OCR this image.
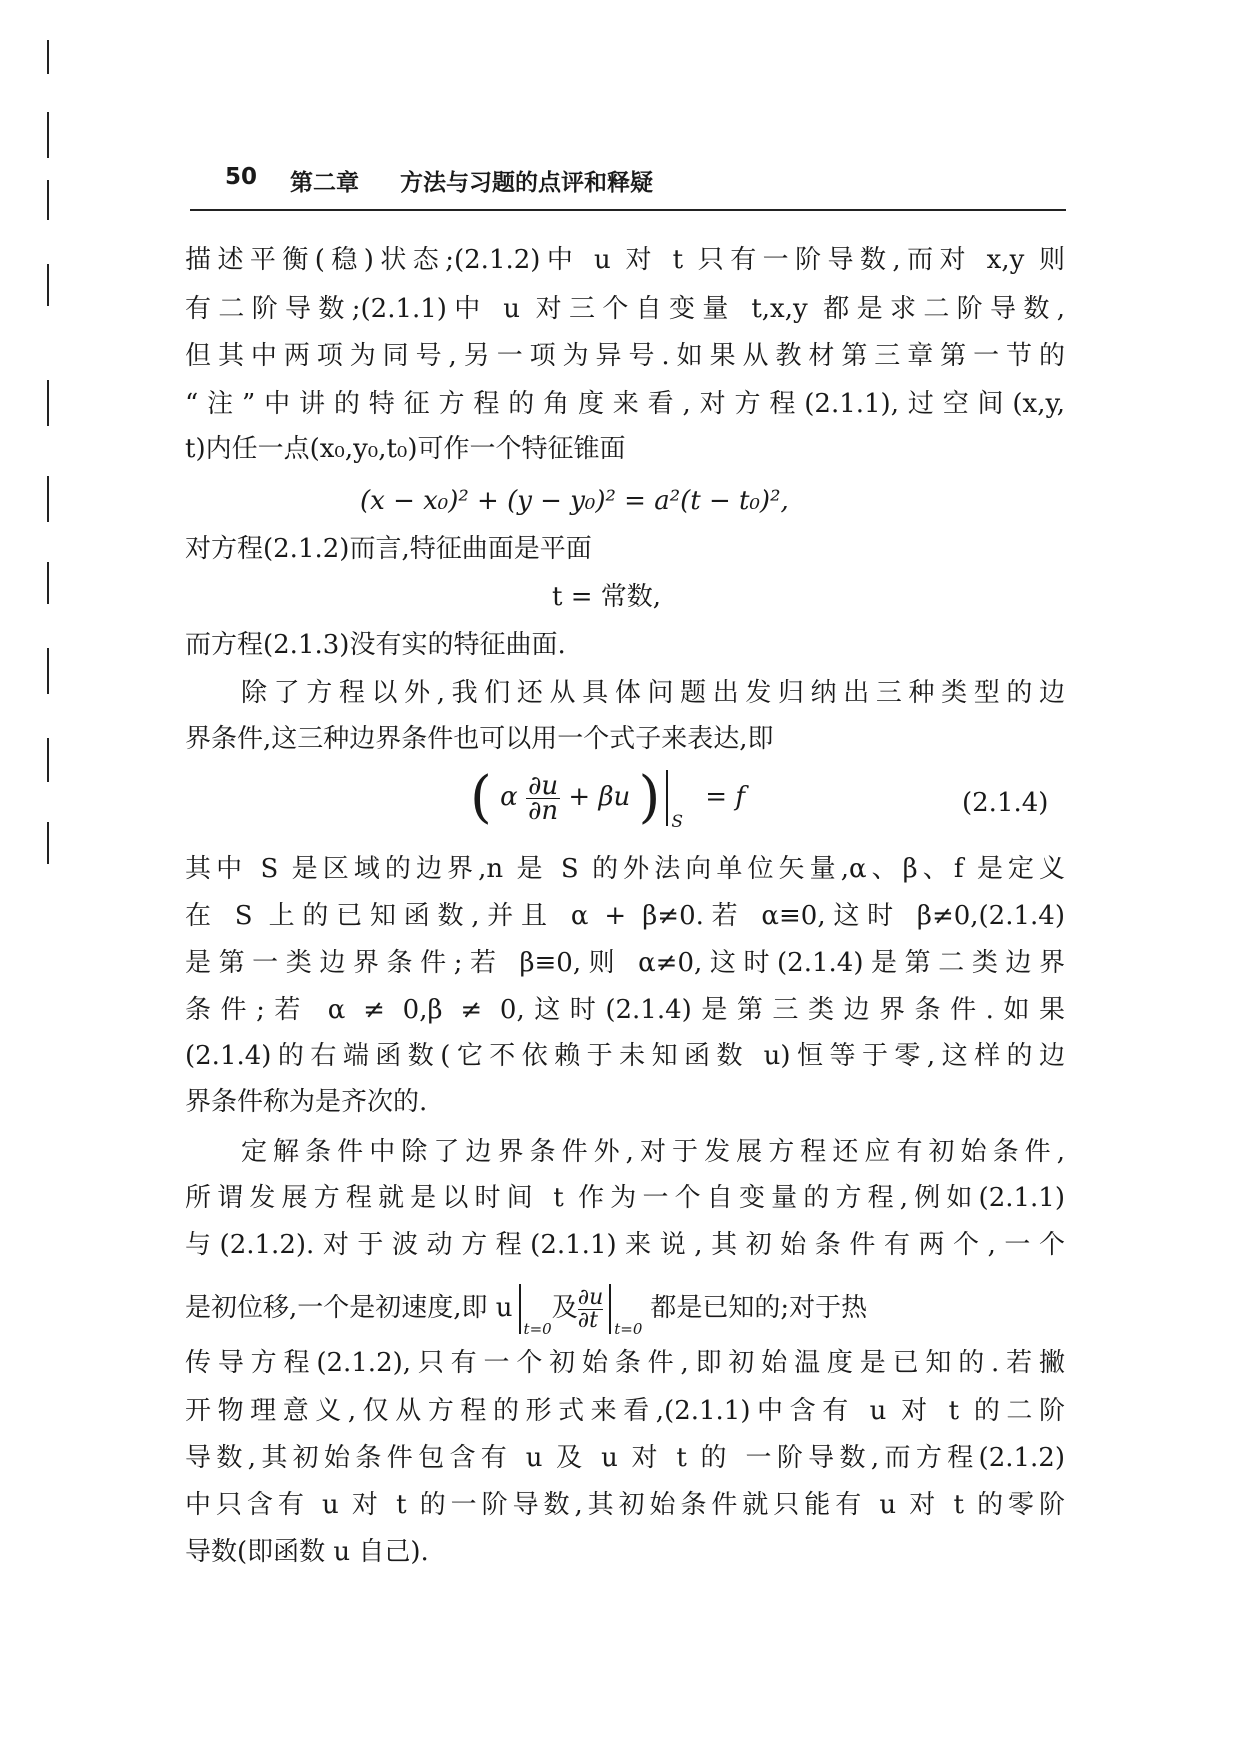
50 第二章 方法与习题的点评和释疑
描述平衡(稳)状态;(2.1.2)中 u 对 t 只有一阶导数,而对 x,y 则
有二阶导数;(2.1.1)中 u 对三个自变量 t,x,y 都是求二阶导数,
但其中两项为同号,另一项为异号.如果从教材第三章第一节的
“注”中讲的特征方程的角度来看,对方程(2.1.1),过空间(x,y,
t)内任一点(x₀,y₀,t₀)可作一个特征锥面
(x − x₀)² + (y − y₀)² = a²(t − t₀)²,
对方程(2.1.2)而言,特征曲面是平面
t = 常数,
而方程(2.1.3)没有实的特征曲面.
除了方程以外,我们还从具体问题出发归纳出三种类型的边
界条件,这三种边界条件也可以用一个式子来表达,即
( α $\frac{\partial u}{\partial n} + \beta u$ ) $_S$ = f	(2.1.4)
其中 S 是区域的边界,n 是 S 的外法向单位矢量,α、β、f 是定义
在 S 上的已知函数,并且 α + β≠0.若 α≡0,这时 β≠0,(2.1.4)
是第一类边界条件;若 β≡0,则 α≠0,这时(2.1.4)是第二类边界
条件;若 α ≠ 0,β ≠ 0,这时(2.1.4)是第三类边界条件.如果
(2.1.4)的右端函数(它不依赖于未知函数 u)恒等于零,这样的边
界条件称为是齐次的.
定解条件中除了边界条件外,对于发展方程还应有初始条件,
所谓发展方程就是以时间 t 作为一个自变量的方程,例如(2.1.1)
与(2.1.2).对于波动方程(2.1.1)来说,其初始条件有两个,一个
是初位移,一个是初速度,即 $u_{t=0}$及 $\frac{\partial u}{\partial t} _{t=0}$都是已知的;对于热
传导方程(2.1.2),只有一个初始条件,即初始温度是已知的.若撇
开物理意义,仅从方程的形式来看,(2.1.1)中含有 u 对 t 的二阶
导数,其初始条件包含有 u 及 u 对 t 的 一阶导数,而方程(2.1.2)
中只含有 u 对 t 的一阶导数,其初始条件就只能有 u 对 t 的零阶
导数(即函数 u 自己).
